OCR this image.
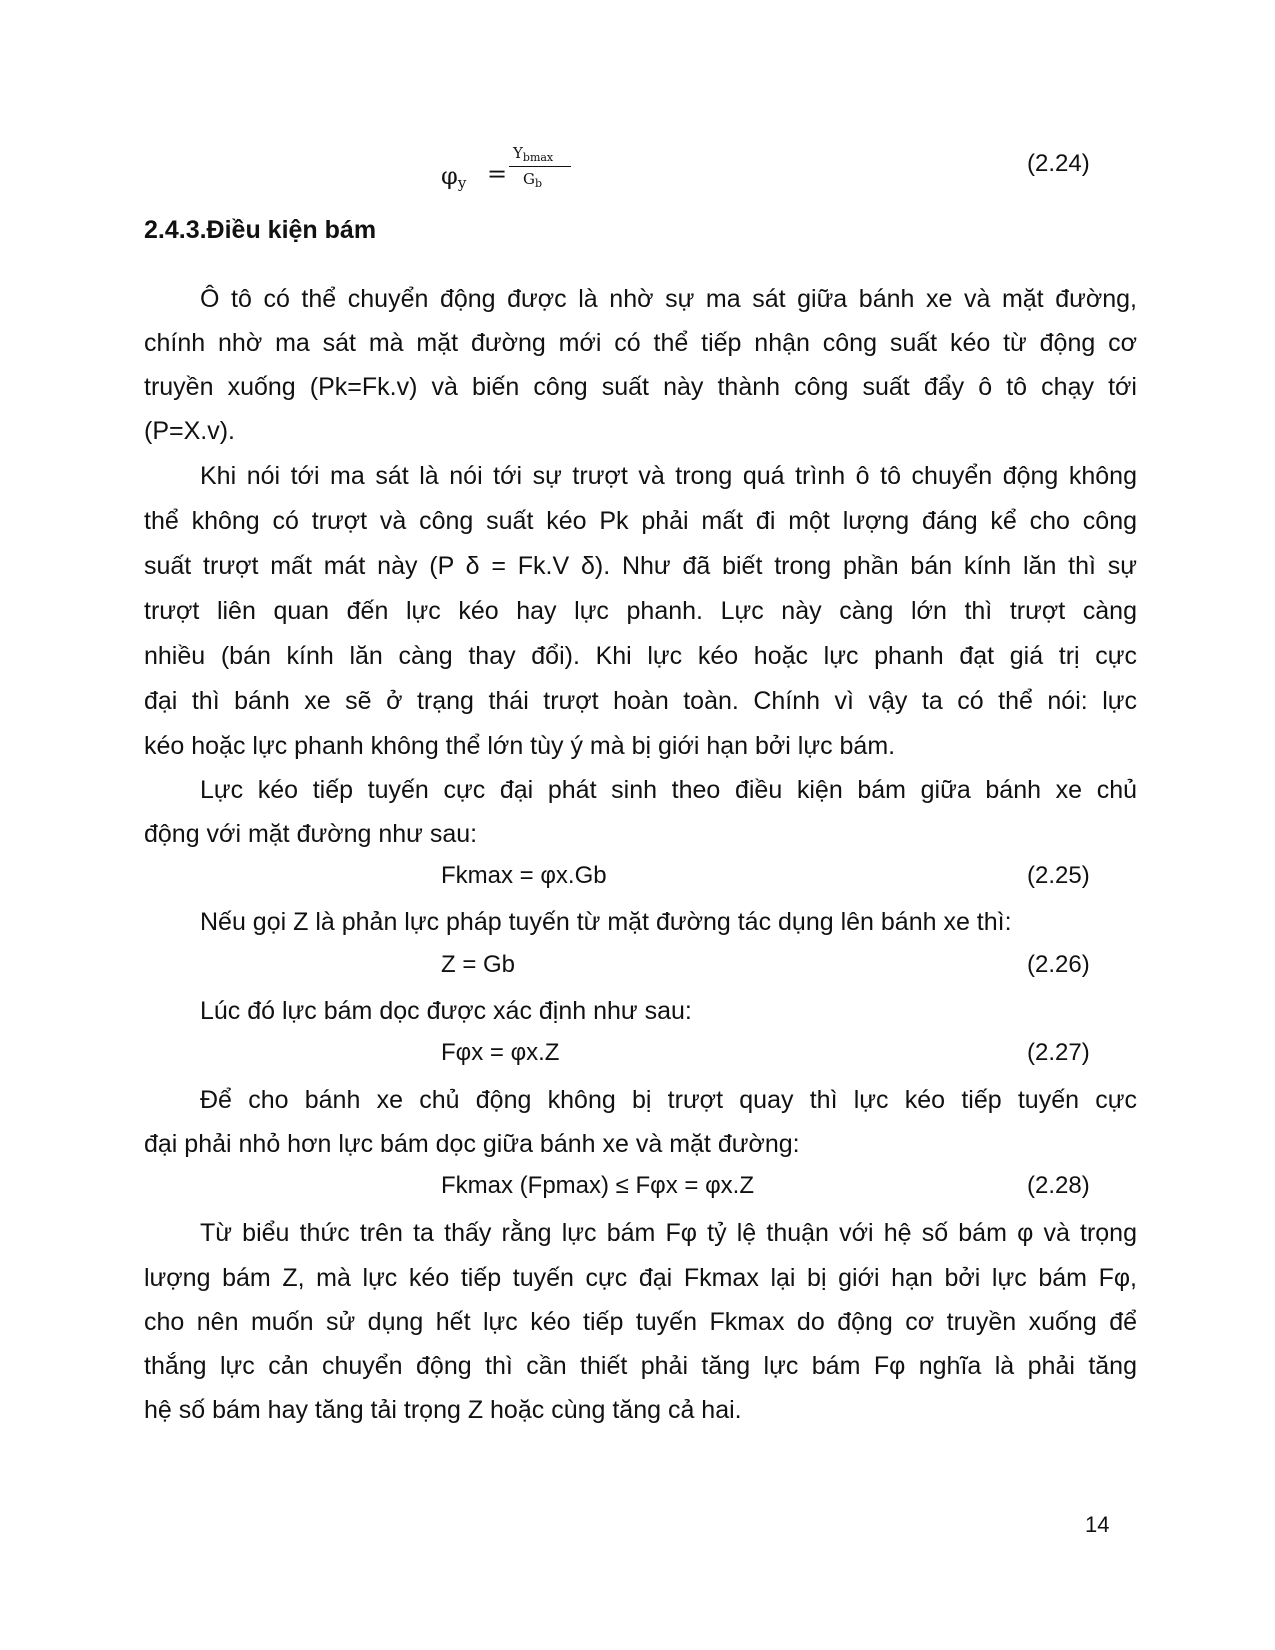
$\varphi_y$ =
$Y_{bmax}$
$G_b$
(2.24)
2.4.3.Điều kiện bám
Ô tô có thể chuyển động được là nhờ sự ma sát giữa bánh xe và mặt đường,
chính nhờ ma sát mà mặt đường mới có thể tiếp nhận công suất kéo từ động cơ
truyền xuống (Pk=Fk.v) và biến công suất này thành công suất đẩy ô tô chạy tới
(P=X.v).
Khi nói tới ma sát là nói tới sự trượt và trong quá trình ô tô chuyển động không
thể không có trượt và công suất kéo Pk phải mất đi một lượng đáng kể cho công
suất trượt mất mát này (P δ = Fk.V δ). Như đã biết trong phần bán kính lăn thì sự
trượt liên quan đến lực kéo hay lực phanh. Lực này càng lớn thì trượt càng
nhiều (bán kính lăn càng thay đổi). Khi lực kéo hoặc lực phanh đạt giá trị cực
đại thì bánh xe sẽ ở trạng thái trượt hoàn toàn. Chính vì vậy ta có thể nói: lực
kéo hoặc lực phanh không thể lớn tùy ý mà bị giới hạn bởi lực bám.
Lực kéo tiếp tuyến cực đại phát sinh theo điều kiện bám giữa bánh xe chủ
động với mặt đường như sau:
Fkmax = φx.Gb	(2.25)
Nếu gọi Z là phản lực pháp tuyến từ mặt đường tác dụng lên bánh xe thì:
Z = Gb	(2.26)
Lúc đó lực bám dọc được xác định như sau:
Fφx = φx.Z	(2.27)
Để cho bánh xe chủ động không bị trượt quay thì lực kéo tiếp tuyến cực
đại phải nhỏ hơn lực bám dọc giữa bánh xe và mặt đường:
Fkmax (Fpmax) ≤ Fφx = φx.Z	(2.28)
Từ biểu thức trên ta thấy rằng lực bám Fφ tỷ lệ thuận với hệ số bám φ và trọng
lượng bám Z, mà lực kéo tiếp tuyến cực đại Fkmax lại bị giới hạn bởi lực bám Fφ,
cho nên muốn sử dụng hết lực kéo tiếp tuyến Fkmax do động cơ truyền xuống để
thắng lực cản chuyển động thì cần thiết phải tăng lực bám Fφ nghĩa là phải tăng
hệ số bám hay tăng tải trọng Z hoặc cùng tăng cả hai.
14
